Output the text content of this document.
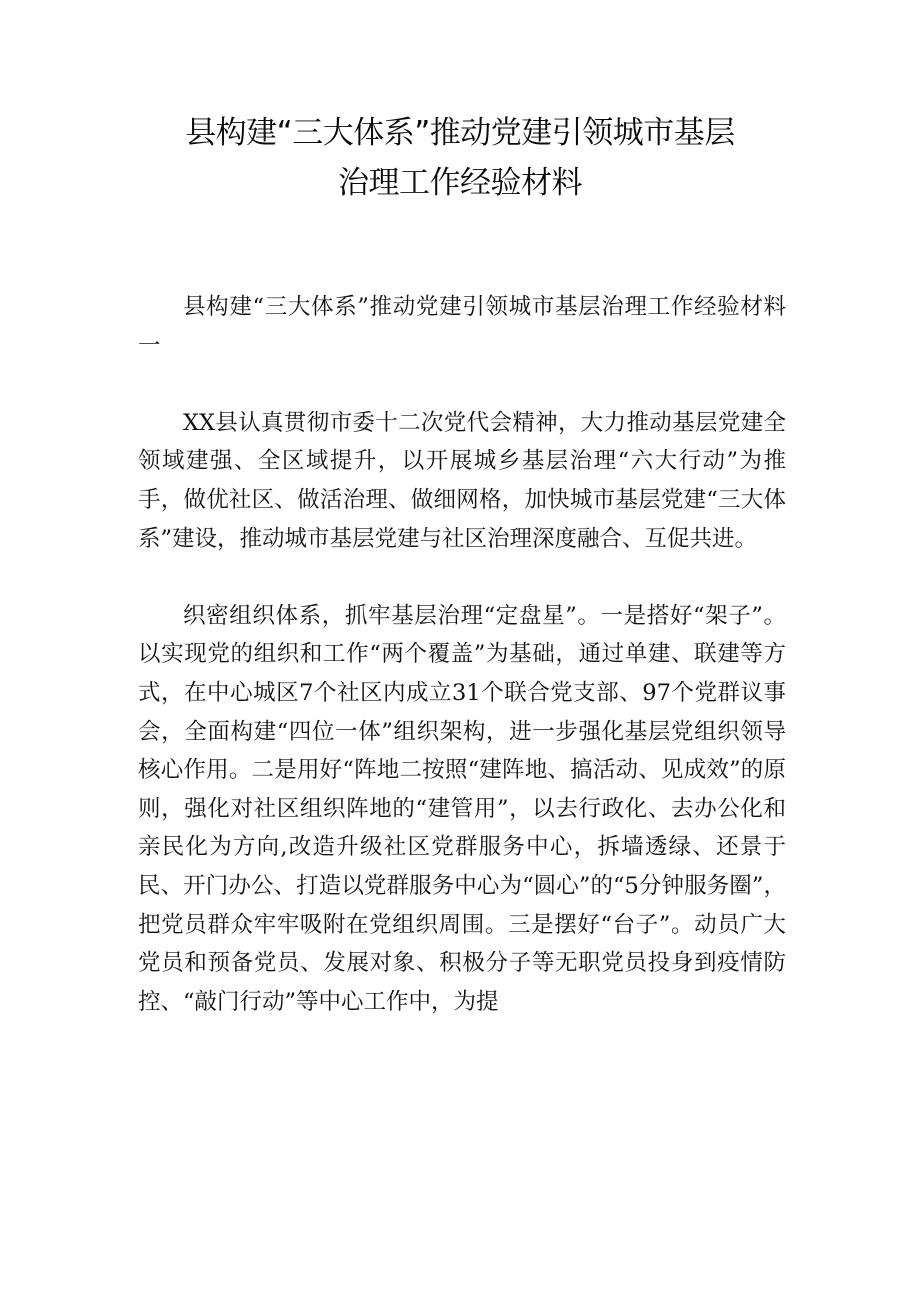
县构建“三大体系”推动党建引领城市基层
治理工作经验材料

县构建“三大体系”推动党建引领城市基层治理工作经验材料一

XX县认真贯彻市委十二次党代会精神，大力推动基层党建全领域建强、全区域提升，以开展城乡基层治理“六大行动”为推手，做优社区、做活治理、做细网格，加快城市基层党建“三大体系”建设，推动城市基层党建与社区治理深度融合、互促共进。

织密组织体系，抓牢基层治理“定盘星”。一是搭好“架子”。以实现党的组织和工作“两个覆盖”为基础，通过单建、联建等方式，在中心城区7个社区内成立31个联合党支部、97个党群议事会，全面构建“四位一体”组织架构，进一步强化基层党组织领导核心作用。二是用好“阵地二按照“建阵地、搞活动、见成效”的原则，强化对社区组织阵地的“建管用”，以去行政化、去办公化和亲民化为方向,改造升级社区党群服务中心，拆墙透绿、还景于民、开门办公、打造以党群服务中心为“圆心”的“5分钟服务圈”，把党员群众牢牢吸附在党组织周围。三是摆好“台子”。动员广大党员和预备党员、发展对象、积极分子等无职党员投身到疫情防控、“敲门行动”等中心工作中，为提
